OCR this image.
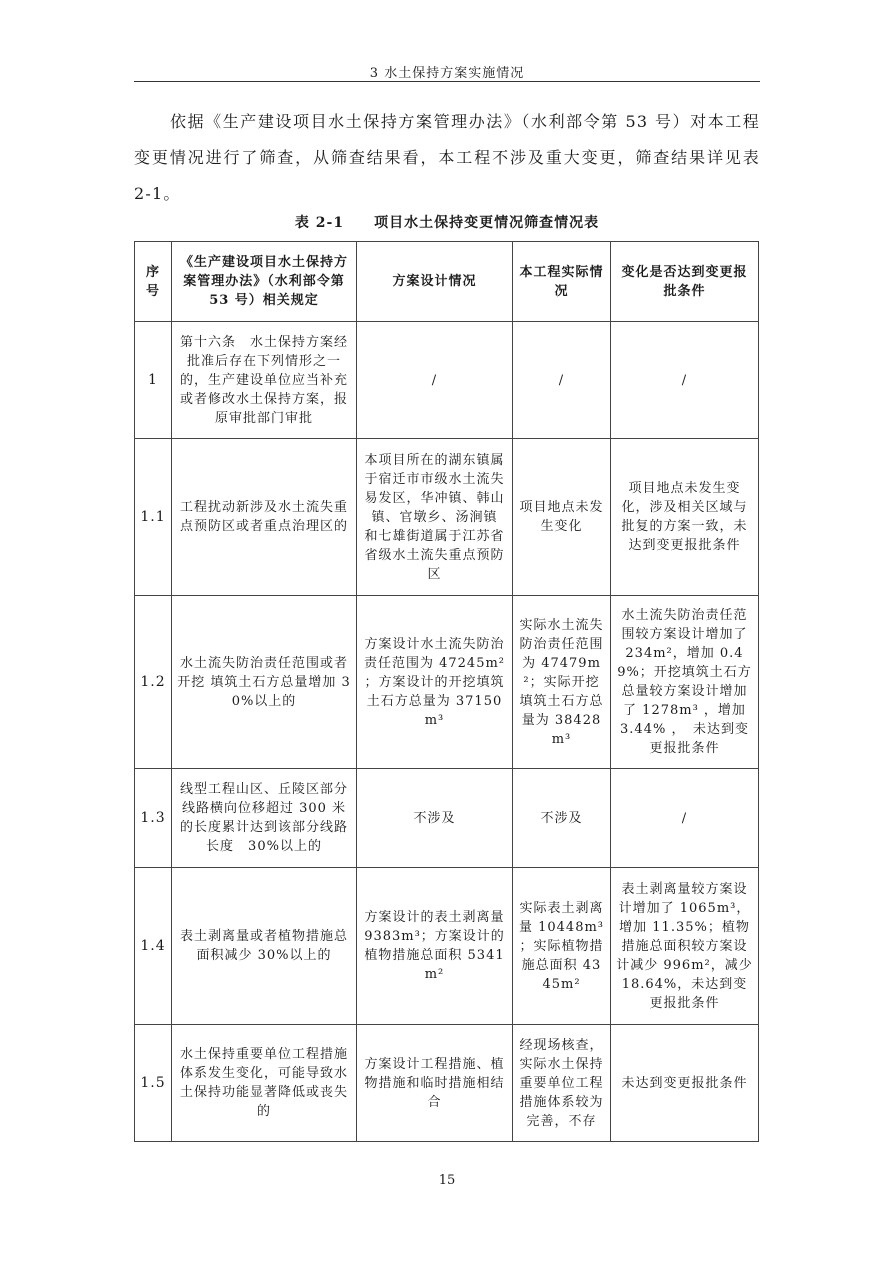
3 水土保持方案实施情况

依据《生产建设项目水土保持方案管理办法》（水利部令第 53 号）对本工程变更情况进行了筛查，从筛查结果看，本工程不涉及重大变更，筛查结果详见表 2-1。

表 2-1 项目水土保持变更情况筛查情况表
序号	《生产建设项目水土保持方案管理办法》（水利部令第 53 号）相关规定	方案设计情况	本工程实际情况	变化是否达到变更报批条件
1	第十六条　水土保持方案经批准后存在下列情形之一的，生产建设单位应当补充或者修改水土保持方案，报原审批部门审批	/	/	/
1.1	工程扰动新涉及水土流失重点预防区或者重点治理区的	本项目所在的湖东镇属于宿迁市市级水土流失易发区，华冲镇、韩山镇、官墩乡、汤涧镇 和七雄街道属于江苏省　省级水土流失重点预防区	项目地点未发生变化	项目地点未发生变化，涉及相关区域与 批复的方案一致，未 达到变更报批条件
1.2	水土流失防治责任范围或者开挖 填筑土石方总量增加 30%以上的	方案设计水土流失防治责任范围为 47245m² ；方案设计的开挖填筑土石方总量为 37150m³	实际水土流失防治责任范围为 47479m²；实际开挖填筑土石方总量为 38428m³	水土流失防治责任范　围较方案设计增加了 234m²，增加 0.49%；开挖填筑土石方总量较方案设计增加了 1278m³ ，增加 3.44% ，　未达到变更报批条件
1.3	线型工程山区、丘陵区部分线路横向位移超过 300 米的长度累计达到该部分线路长度　30%以上的	不涉及	不涉及	/
1.4	表土剥离量或者植物措施总面积减少 30%以上的	方案设计的表土剥离量 9383m³；方案设计的植物措施总面积 5341m²	实际表土剥离量 10448m³ ；实际植物措施总面积 4345m²	表土剥离量较方案设计增加了 1065m³，增加 11.35%；植物措施总面积较方案设计减少 996m²，减少 18.64%，未达到变更报批条件
1.5	水土保持重要单位工程措施体系发生变化，可能导致水土保持功能显著降低或丧失的	方案设计工程措施、植物措施和临时措施相结合	经现场核查，实际水土保持重要单位工程措施体系较为完善，不存	未达到变更报批条件
15
